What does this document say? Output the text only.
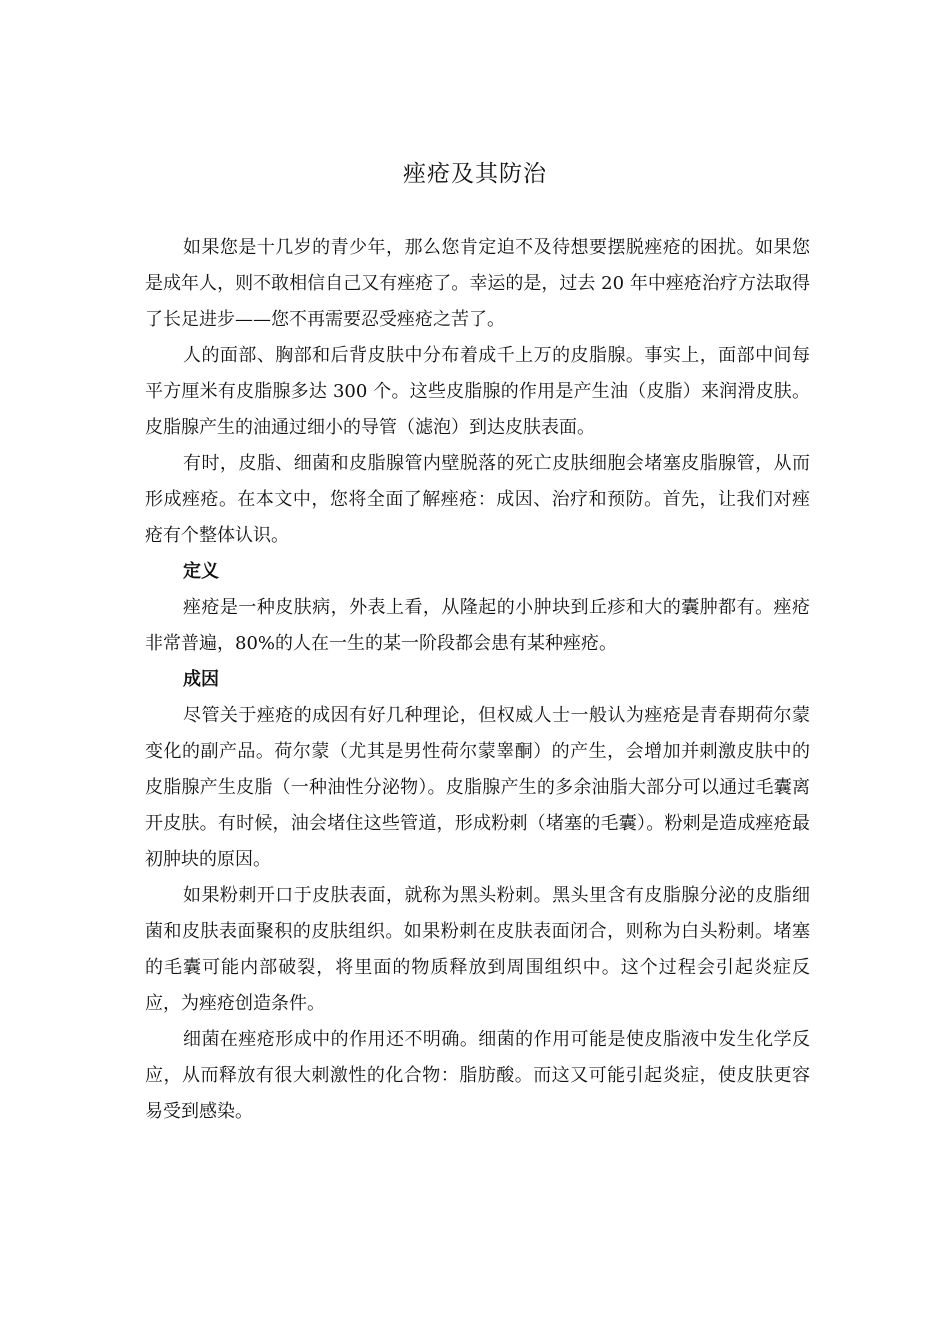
痤疮及其防治

如果您是十几岁的青少年，那么您肯定迫不及待想要摆脱痤疮的困扰。如果您是成年人，则不敢相信自己又有痤疮了。幸运的是，过去 20 年中痤疮治疗方法取得了长足进步——您不再需要忍受痤疮之苦了。

人的面部、胸部和后背皮肤中分布着成千上万的皮脂腺。事实上，面部中间每平方厘米有皮脂腺多达 300 个。这些皮脂腺的作用是产生油（皮脂）来润滑皮肤。皮脂腺产生的油通过细小的导管（滤泡）到达皮肤表面。

有时，皮脂、细菌和皮脂腺管内壁脱落的死亡皮肤细胞会堵塞皮脂腺管，从而形成痤疮。在本文中，您将全面了解痤疮：成因、治疗和预防。首先，让我们对痤疮有个整体认识。

定义

痤疮是一种皮肤病，外表上看，从隆起的小肿块到丘疹和大的囊肿都有。痤疮非常普遍，80%的人在一生的某一阶段都会患有某种痤疮。

成因

尽管关于痤疮的成因有好几种理论，但权威人士一般认为痤疮是青春期荷尔蒙变化的副产品。荷尔蒙（尤其是男性荷尔蒙睾酮）的产生，会增加并刺激皮肤中的皮脂腺产生皮脂（一种油性分泌物）。皮脂腺产生的多余油脂大部分可以通过毛囊离开皮肤。有时候，油会堵住这些管道，形成粉刺（堵塞的毛囊）。粉刺是造成痤疮最初肿块的原因。

如果粉刺开口于皮肤表面，就称为黑头粉刺。黑头里含有皮脂腺分泌的皮脂细菌和皮肤表面聚积的皮肤组织。如果粉刺在皮肤表面闭合，则称为白头粉刺。堵塞的毛囊可能内部破裂，将里面的物质释放到周围组织中。这个过程会引起炎症反应，为痤疮创造条件。

细菌在痤疮形成中的作用还不明确。细菌的作用可能是使皮脂液中发生化学反应，从而释放有很大刺激性的化合物：脂肪酸。而这又可能引起炎症，使皮肤更容易受到感染。
